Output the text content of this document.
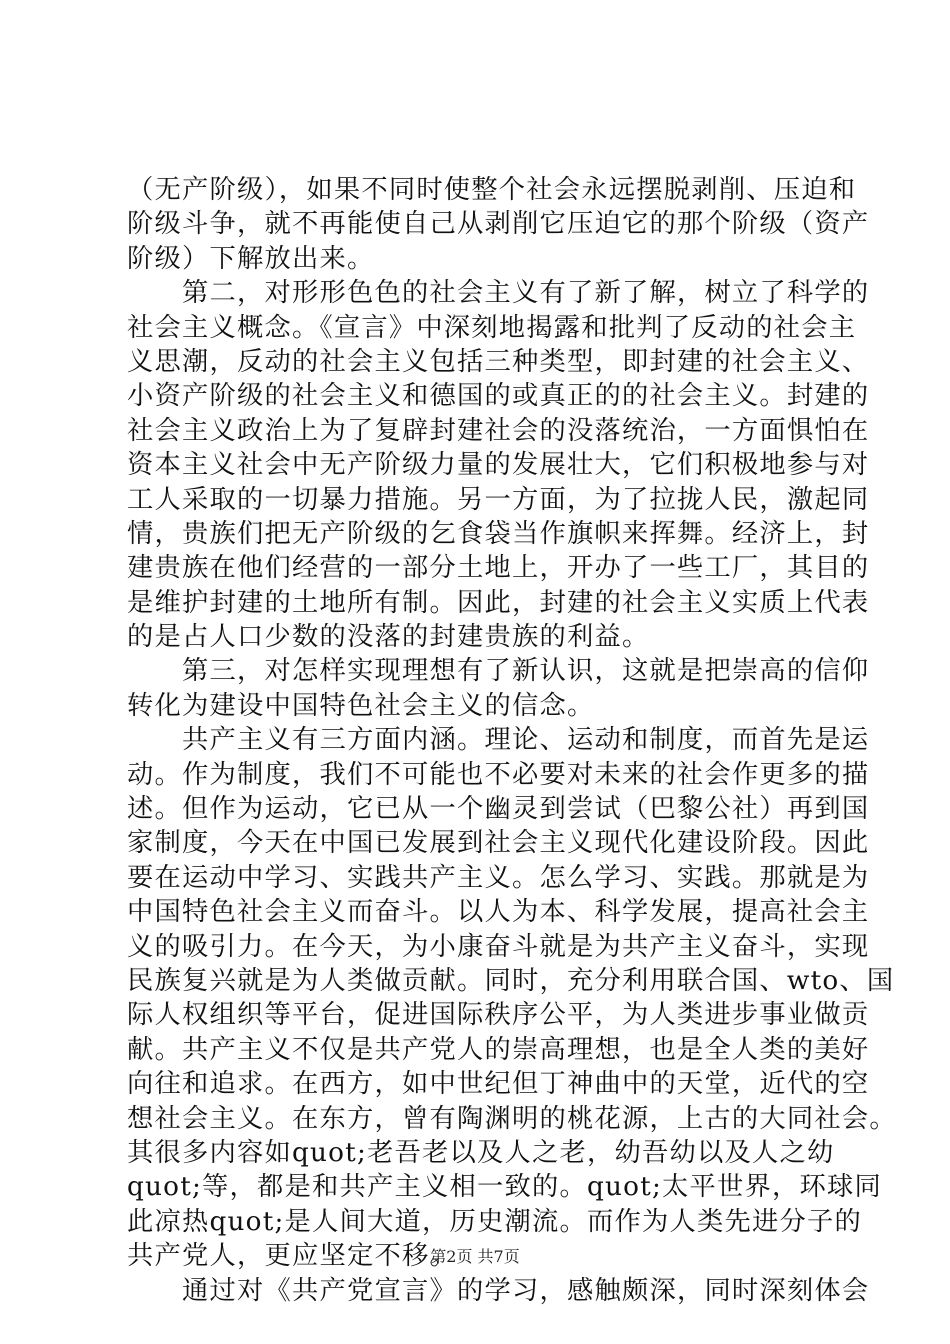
（无产阶级），如果不同时使整个社会永远摆脱剥削、压迫和
阶级斗争，就不再能使自己从剥削它压迫它的那个阶级（资产
阶级）下解放出来。
第二，对形形色色的社会主义有了新了解，树立了科学的
社会主义概念。《宣言》中深刻地揭露和批判了反动的社会主
义思潮，反动的社会主义包括三种类型，即封建的社会主义、
小资产阶级的社会主义和德国的或真正的的社会主义。封建的
社会主义政治上为了复辟封建社会的没落统治，一方面惧怕在
资本主义社会中无产阶级力量的发展壮大，它们积极地参与对
工人采取的一切暴力措施。另一方面，为了拉拢人民，激起同
情，贵族们把无产阶级的乞食袋当作旗帜来挥舞。经济上，封
建贵族在他们经营的一部分土地上，开办了一些工厂，其目的
是维护封建的土地所有制。因此，封建的社会主义实质上代表
的是占人口少数的没落的封建贵族的利益。
第三，对怎样实现理想有了新认识，这就是把崇高的信仰
转化为建设中国特色社会主义的信念。
共产主义有三方面内涵。理论、运动和制度，而首先是运
动。作为制度，我们不可能也不必要对未来的社会作更多的描
述。但作为运动，它已从一个幽灵到尝试（巴黎公社）再到国
家制度，今天在中国已发展到社会主义现代化建设阶段。因此
要在运动中学习、实践共产主义。怎么学习、实践。那就是为
中国特色社会主义而奋斗。以人为本、科学发展，提高社会主
义的吸引力。在今天，为小康奋斗就是为共产主义奋斗，实现
民族复兴就是为人类做贡献。同时，充分利用联合国、wto、国
际人权组织等平台，促进国际秩序公平，为人类进步事业做贡
献。共产主义不仅是共产党人的崇高理想，也是全人类的美好
向往和追求。在西方，如中世纪但丁神曲中的天堂，近代的空
想社会主义。在东方，曾有陶渊明的桃花源，上古的大同社会。
其很多内容如quot;老吾老以及人之老，幼吾幼以及人之幼
quot;等，都是和共产主义相一致的。quot;太平世界，环球同
此凉热quot;是人间大道，历史潮流。而作为人类先进分子的
共产党人，更应坚定不移。
通过对《共产党宣言》的学习，感触颇深，同时深刻体会
第2页 共7页
